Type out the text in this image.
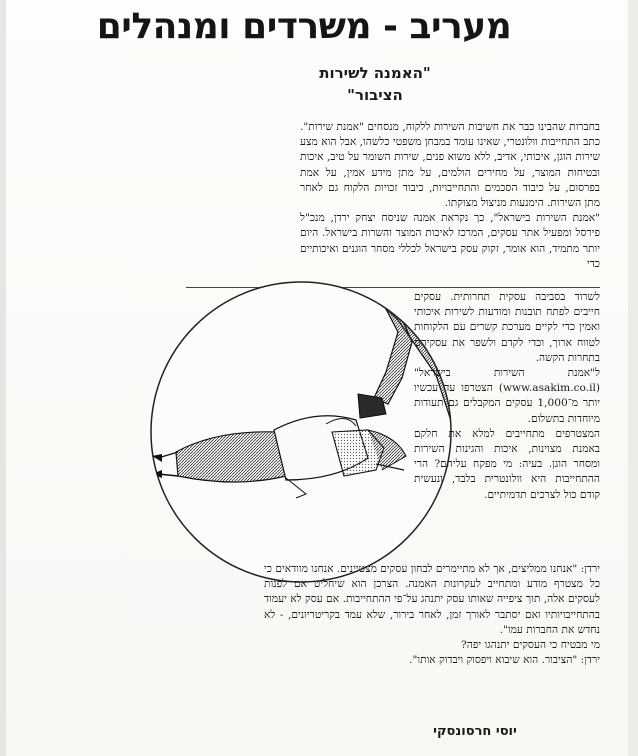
מעריב - משרדים ומנהלים
"האמנה לשירות
הציבור"

בחברות שהבינו כבר את חשיבות השירות ללקוח, מנסחים "אמנת שירות". כתב התחייבות וולונטרי, שאינו עומד במבחן משפטי כלשהו, אבל הוא מצע שירות הוגן, איכותי, אדיב, ללא משוא פנים, שירות השומר על טיב, איכות ובטיחות המוצר, על מחירים הולמים, על מתן מידע אמין, על אמת בפרסום, על כיבוד הסכמים והתחייבויות, כיבוד זכויות הלקוח גם לאחר מתן השירות. הימנעות מניצול מצוקתו.

"אמנת השירות בישראל", כך נקראת אמנה שניסח יצחק ירדן, מנכ"ל פירסל ומפעיל אתר עסקים, המרכז לאיכות המוצר והשרות בישראל. היום יותר מתמיד, הוא אומר, זקוק עסק בישראל לכללי מסחר הוגנים ואיכותיים כדי

לשרוד בסביבה עסקית תחרותית. עסקים חייבים לפתח תובנות ומודעות לשירות איכותי ואמין כדי לקיים מערכת קשרים עם הלקוחות לטווח ארוך, וכדי לקדם ולשפר את עסקיהם בתחרות הקשה.

ל"אמנת השירות בישראל" (www.asakim.co.il) הצטרפו עד עכשיו יותר מ־1,000 עסקים המקבלים גם תעודות מיוחדות בתשלום.

המצטרפים מתחייבים למלא את חלקם באמנת מצוינות, איכות והגינות השירות ומסחר הוגן. בעיה: מי מפקח עליהם? הרי ההתחייבות היא וולונטרית בלבד, ונעשית קודם כול לצרכים תדמיתיים.

ירדן: "אנחנו ממליצים, אך לא מתיימרים לבחון עסקים מצטיינים. אנחנו מוודאים כי כל מצטרף מודע ומתחייב לעקרונות האמנה. הצרכן הוא שיחליט אם לפנות לעסקים אלה, תוך ציפייה שאותו עסק יתנהג על־פי ההתחייבות. אם עסק לא יעמוד בהתחייבויותיו ואם יסתבר לאורך זמן, לאחר בירור, שלא עמד בקריטריונים, - לא נחדש את החברות עמו".

מי מבטיח כי העסקים יתנהגו יפה?

ירדן: "הציבור. הוא שיבוא ויפסוק ויבדוק אותו".

יוסי חרסונסקי
